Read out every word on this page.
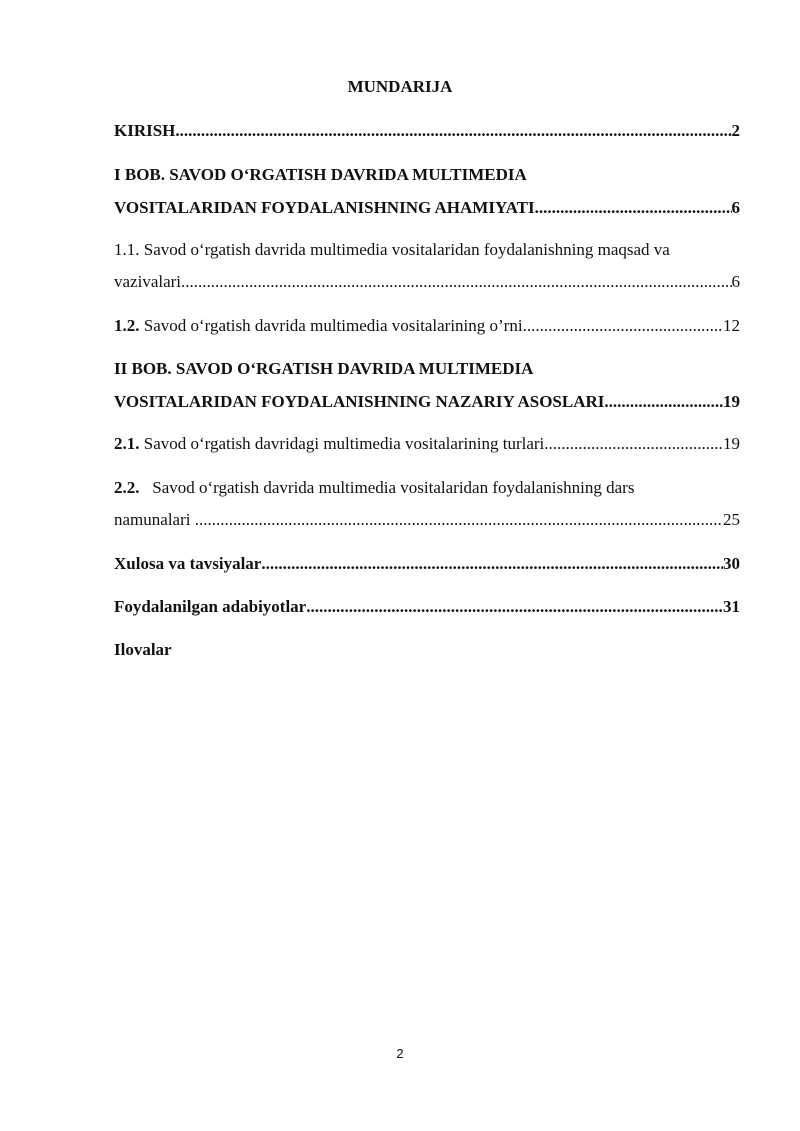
MUNDARIJA
KIRISH .....	2
I BOB. SAVOD O‘RGATISH DAVRIDA MULTIMEDIA
VOSITALARIDAN FOYDALANISHNING AHAMIYATI .....	6
1.1. Savod o‘rgatish davrida multimedia vositalaridan foydalanishning maqsad va
vazivalari .....	6
1.2. Savod o‘rgatish davrida multimedia vositalarining o’rni .....	12
II BOB. SAVOD O‘RGATISH DAVRIDA MULTIMEDIA
VOSITALARIDAN FOYDALANISHNING NAZARIY ASOSLARI .....	19
2.1. Savod o‘rgatish davridagi multimedia vositalarining turlari .....	19
2.2.   Savod o‘rgatish davrida multimedia vositalaridan foydalanishning dars
namunalari .....	25
Xulosa va tavsiyalar .....	30
Foydalanilgan adabiyotlar .....	31
Ilovalar
2
